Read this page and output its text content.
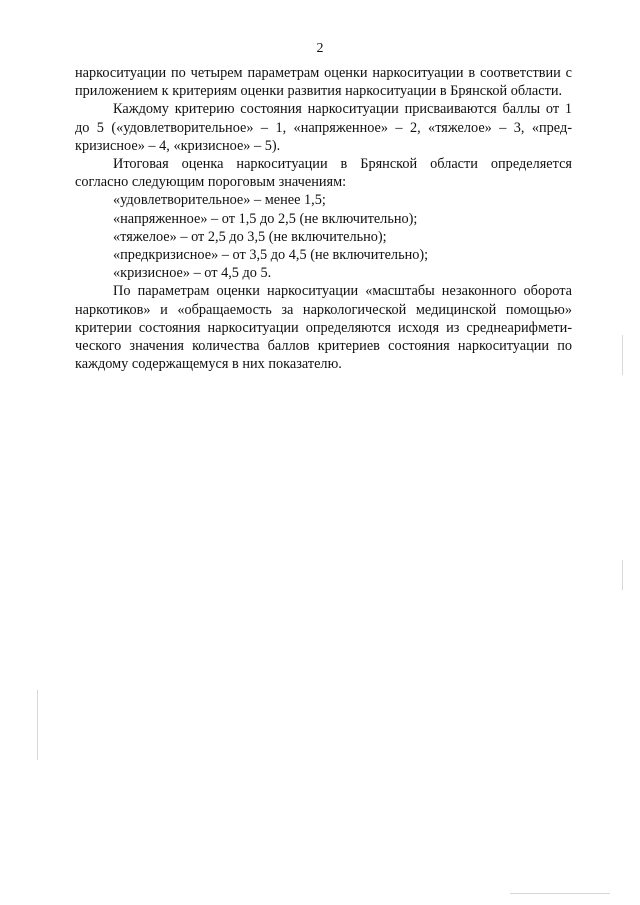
2

наркоситуации по четырем параметрам оценки наркоситуации в соответствии с приложением к критериям оценки развития наркоситуации в Брянской области.

Каждому критерию состояния наркоситуации присваиваются баллы от 1 до 5 («удовлетворительное» – 1, «напряженное» – 2, «тяжелое» – 3, «пред-кризисное» – 4, «кризисное» – 5).

Итоговая оценка наркоситуации в Брянской области определяется согласно следующим пороговым значениям:

«удовлетворительное» – менее 1,5;

«напряженное» – от 1,5 до 2,5 (не включительно);

«тяжелое» – от 2,5 до 3,5 (не включительно);

«предкризисное» – от 3,5 до 4,5 (не включительно);

«кризисное» – от 4,5 до 5.

По параметрам оценки наркоситуации «масштабы незаконного оборота наркотиков» и «обращаемость за наркологической медицинской помощью» критерии состояния наркоситуации определяются исходя из среднеарифмети-ческого значения количества баллов критериев состояния наркоситуации по каждому содержащемуся в них показателю.
